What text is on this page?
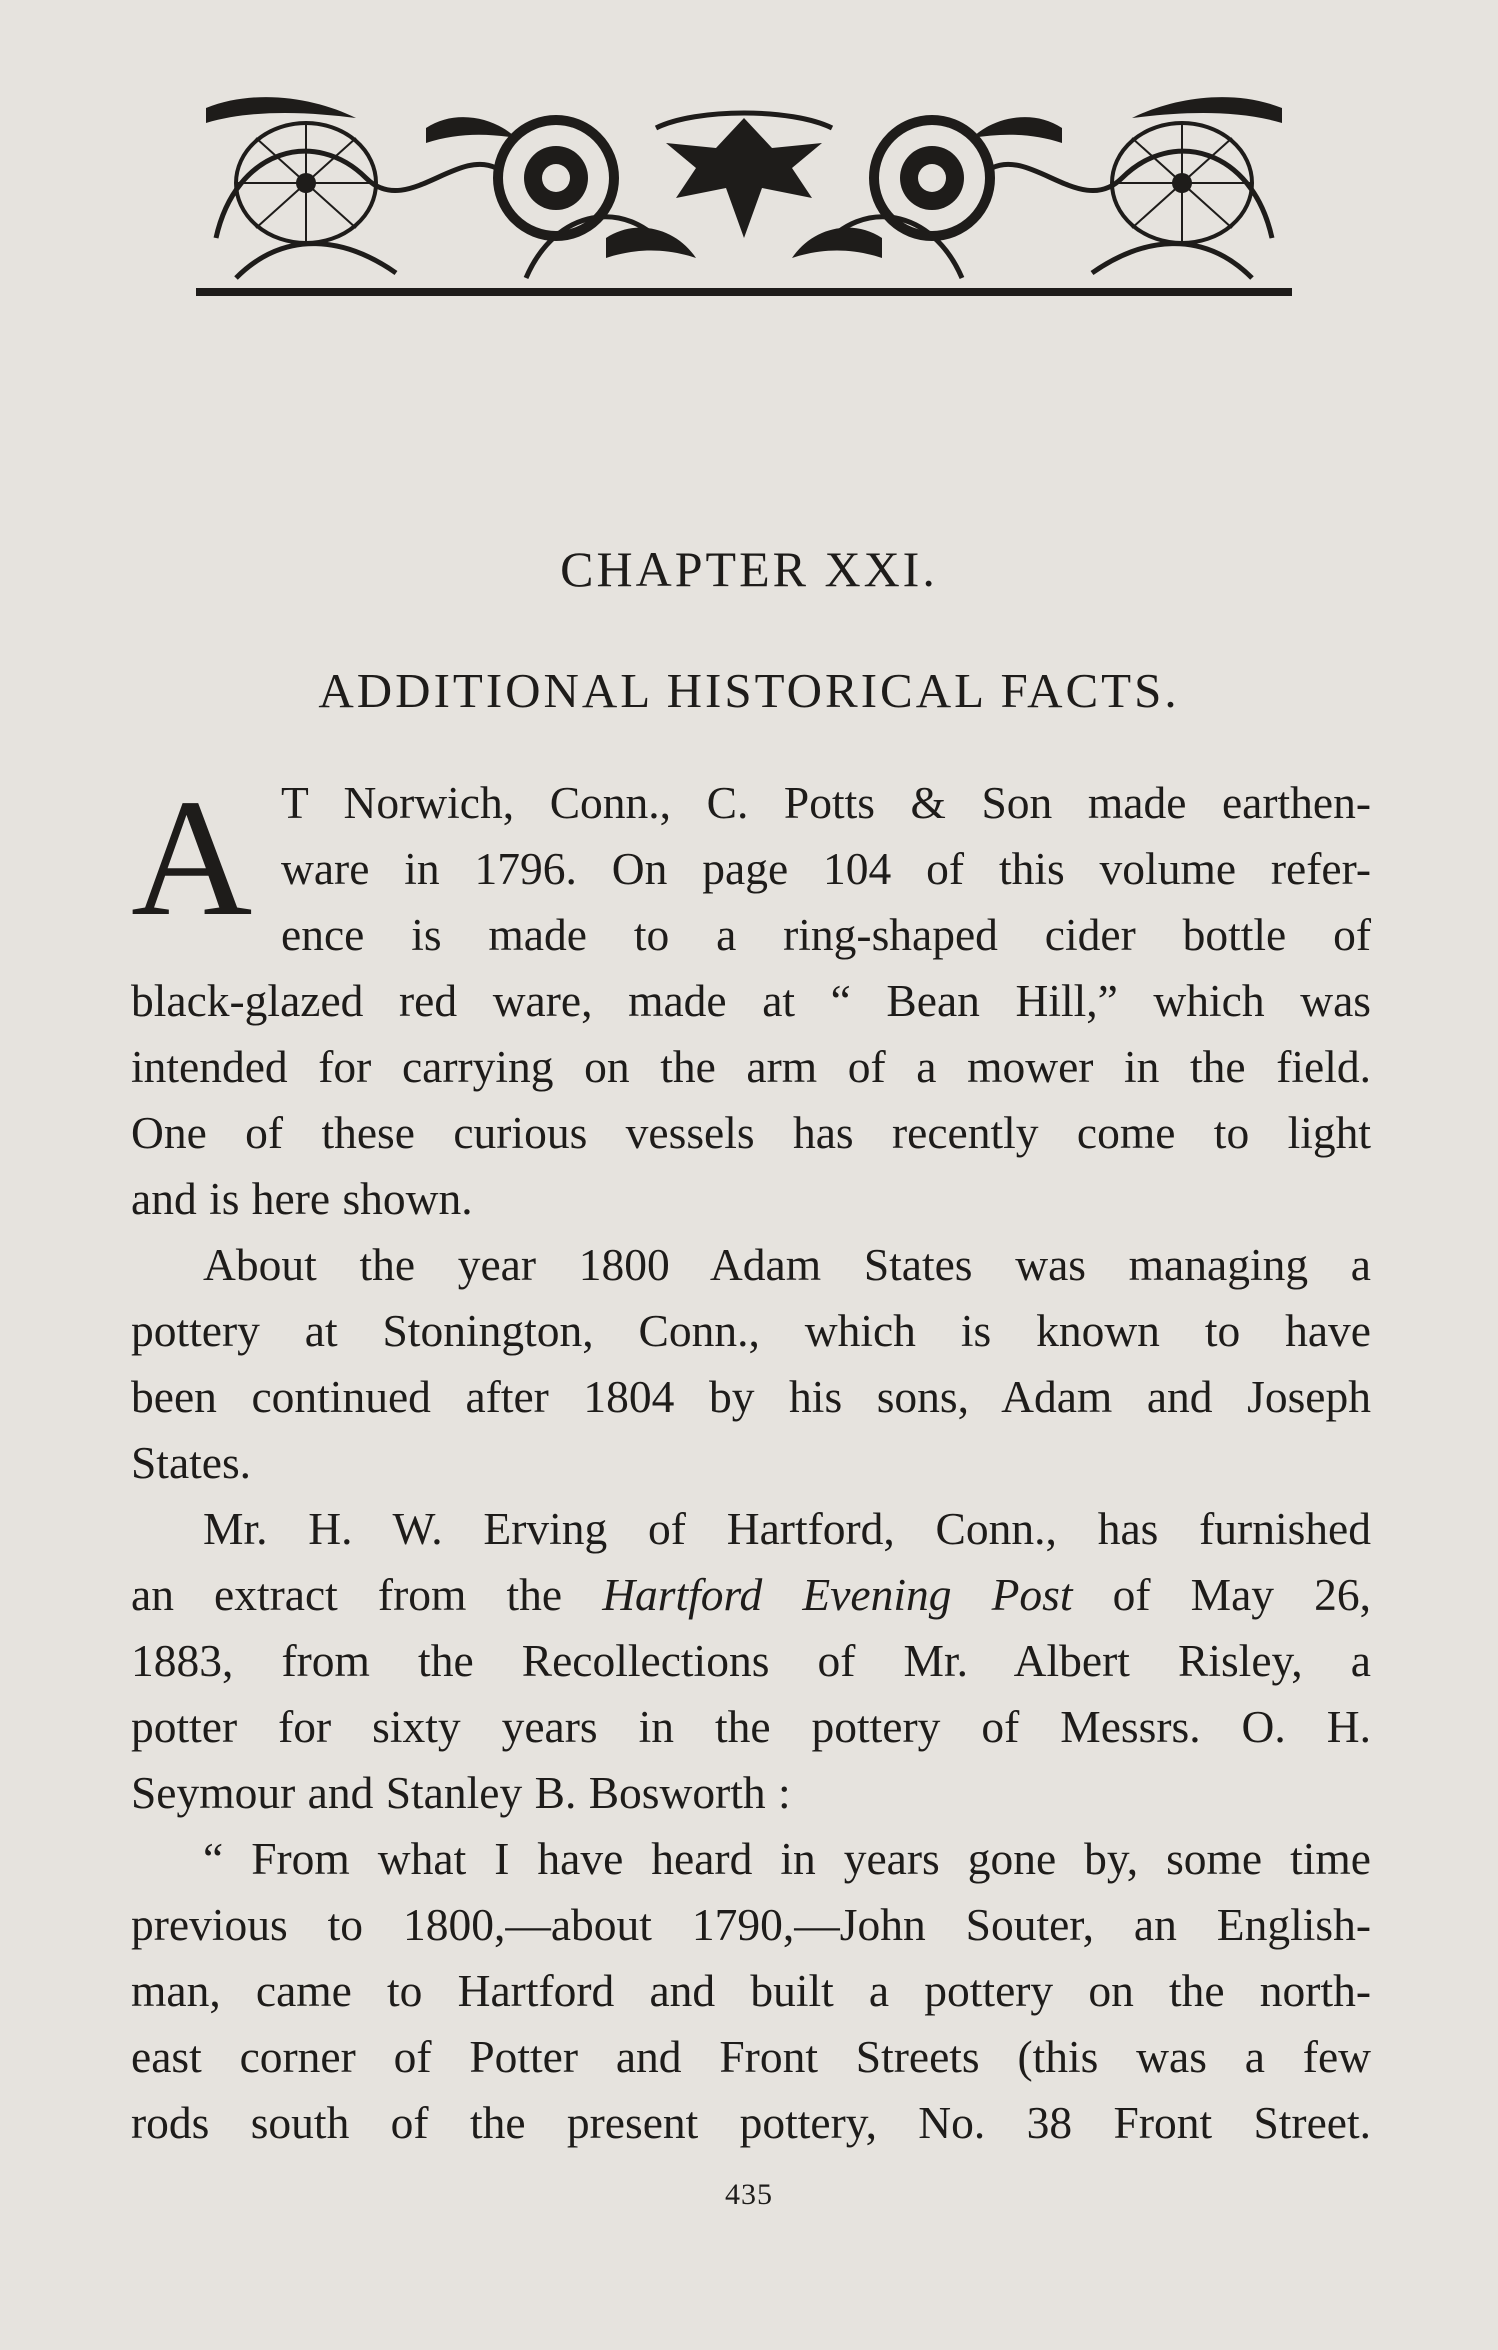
CHAPTER XXI.
ADDITIONAL HISTORICAL FACTS.
A T Norwich, Conn., C. Potts & Son made earthen-
ware in 1796. On page 104 of this volume refer-
ence is made to a ring-shaped cider bottle of
black-glazed red ware, made at “ Bean Hill,” which was
intended for carrying on the arm of a mower in the field.
One of these curious vessels has recently come to light
and is here shown.
About the year 1800 Adam States was managing a
pottery at Stonington, Conn., which is known to have
been continued after 1804 by his sons, Adam and Joseph
States.
Mr. H. W. Erving of Hartford, Conn., has furnished
an extract from the Hartford Evening Post of May 26,
1883, from the Recollections of Mr. Albert Risley, a
potter for sixty years in the pottery of Messrs. O. H.
Seymour and Stanley B. Bosworth :
“ From what I have heard in years gone by, some time
previous to 1800,—about 1790,—John Souter, an English-
man, came to Hartford and built a pottery on the north-
east corner of Potter and Front Streets (this was a few
rods south of the present pottery, No. 38 Front Street.
435
